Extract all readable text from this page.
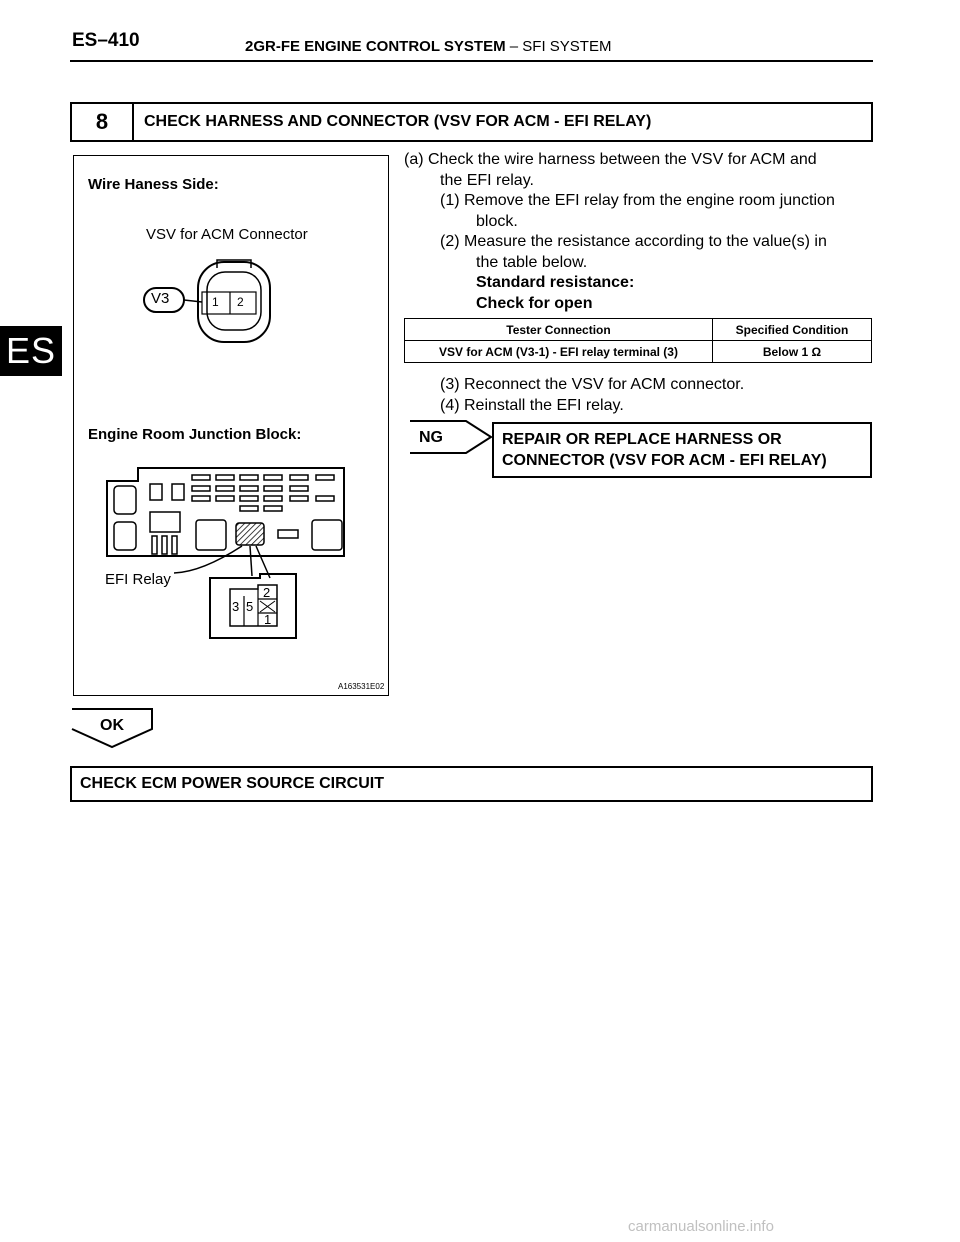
ES–410	2GR-FE ENGINE CONTROL SYSTEM – SFI SYSTEM
ES
8	CHECK HARNESS AND CONNECTOR (VSV FOR ACM - EFI RELAY)
Wire Haness Side:
VSV for ACM Connector
V3	1 2
Engine Room Junction Block:
EFI Relay
3 5
2
1
A163531E02
(a) Check the wire harness between the VSV for ACM and
the EFI relay.
(1) Remove the EFI relay from the engine room junction
block.
(2) Measure the resistance according to the value(s) in
the table below.
Standard resistance:
Check for open
Tester Connection	Specified Condition
VSV for ACM (V3-1) - EFI relay terminal (3)	Below 1 Ω
(3) Reconnect the VSV for ACM connector.
(4) Reinstall the EFI relay.
NG	REPAIR OR REPLACE HARNESS OR
CONNECTOR (VSV FOR ACM - EFI RELAY)
OK
CHECK ECM POWER SOURCE CIRCUIT
carmanualsonline.info
